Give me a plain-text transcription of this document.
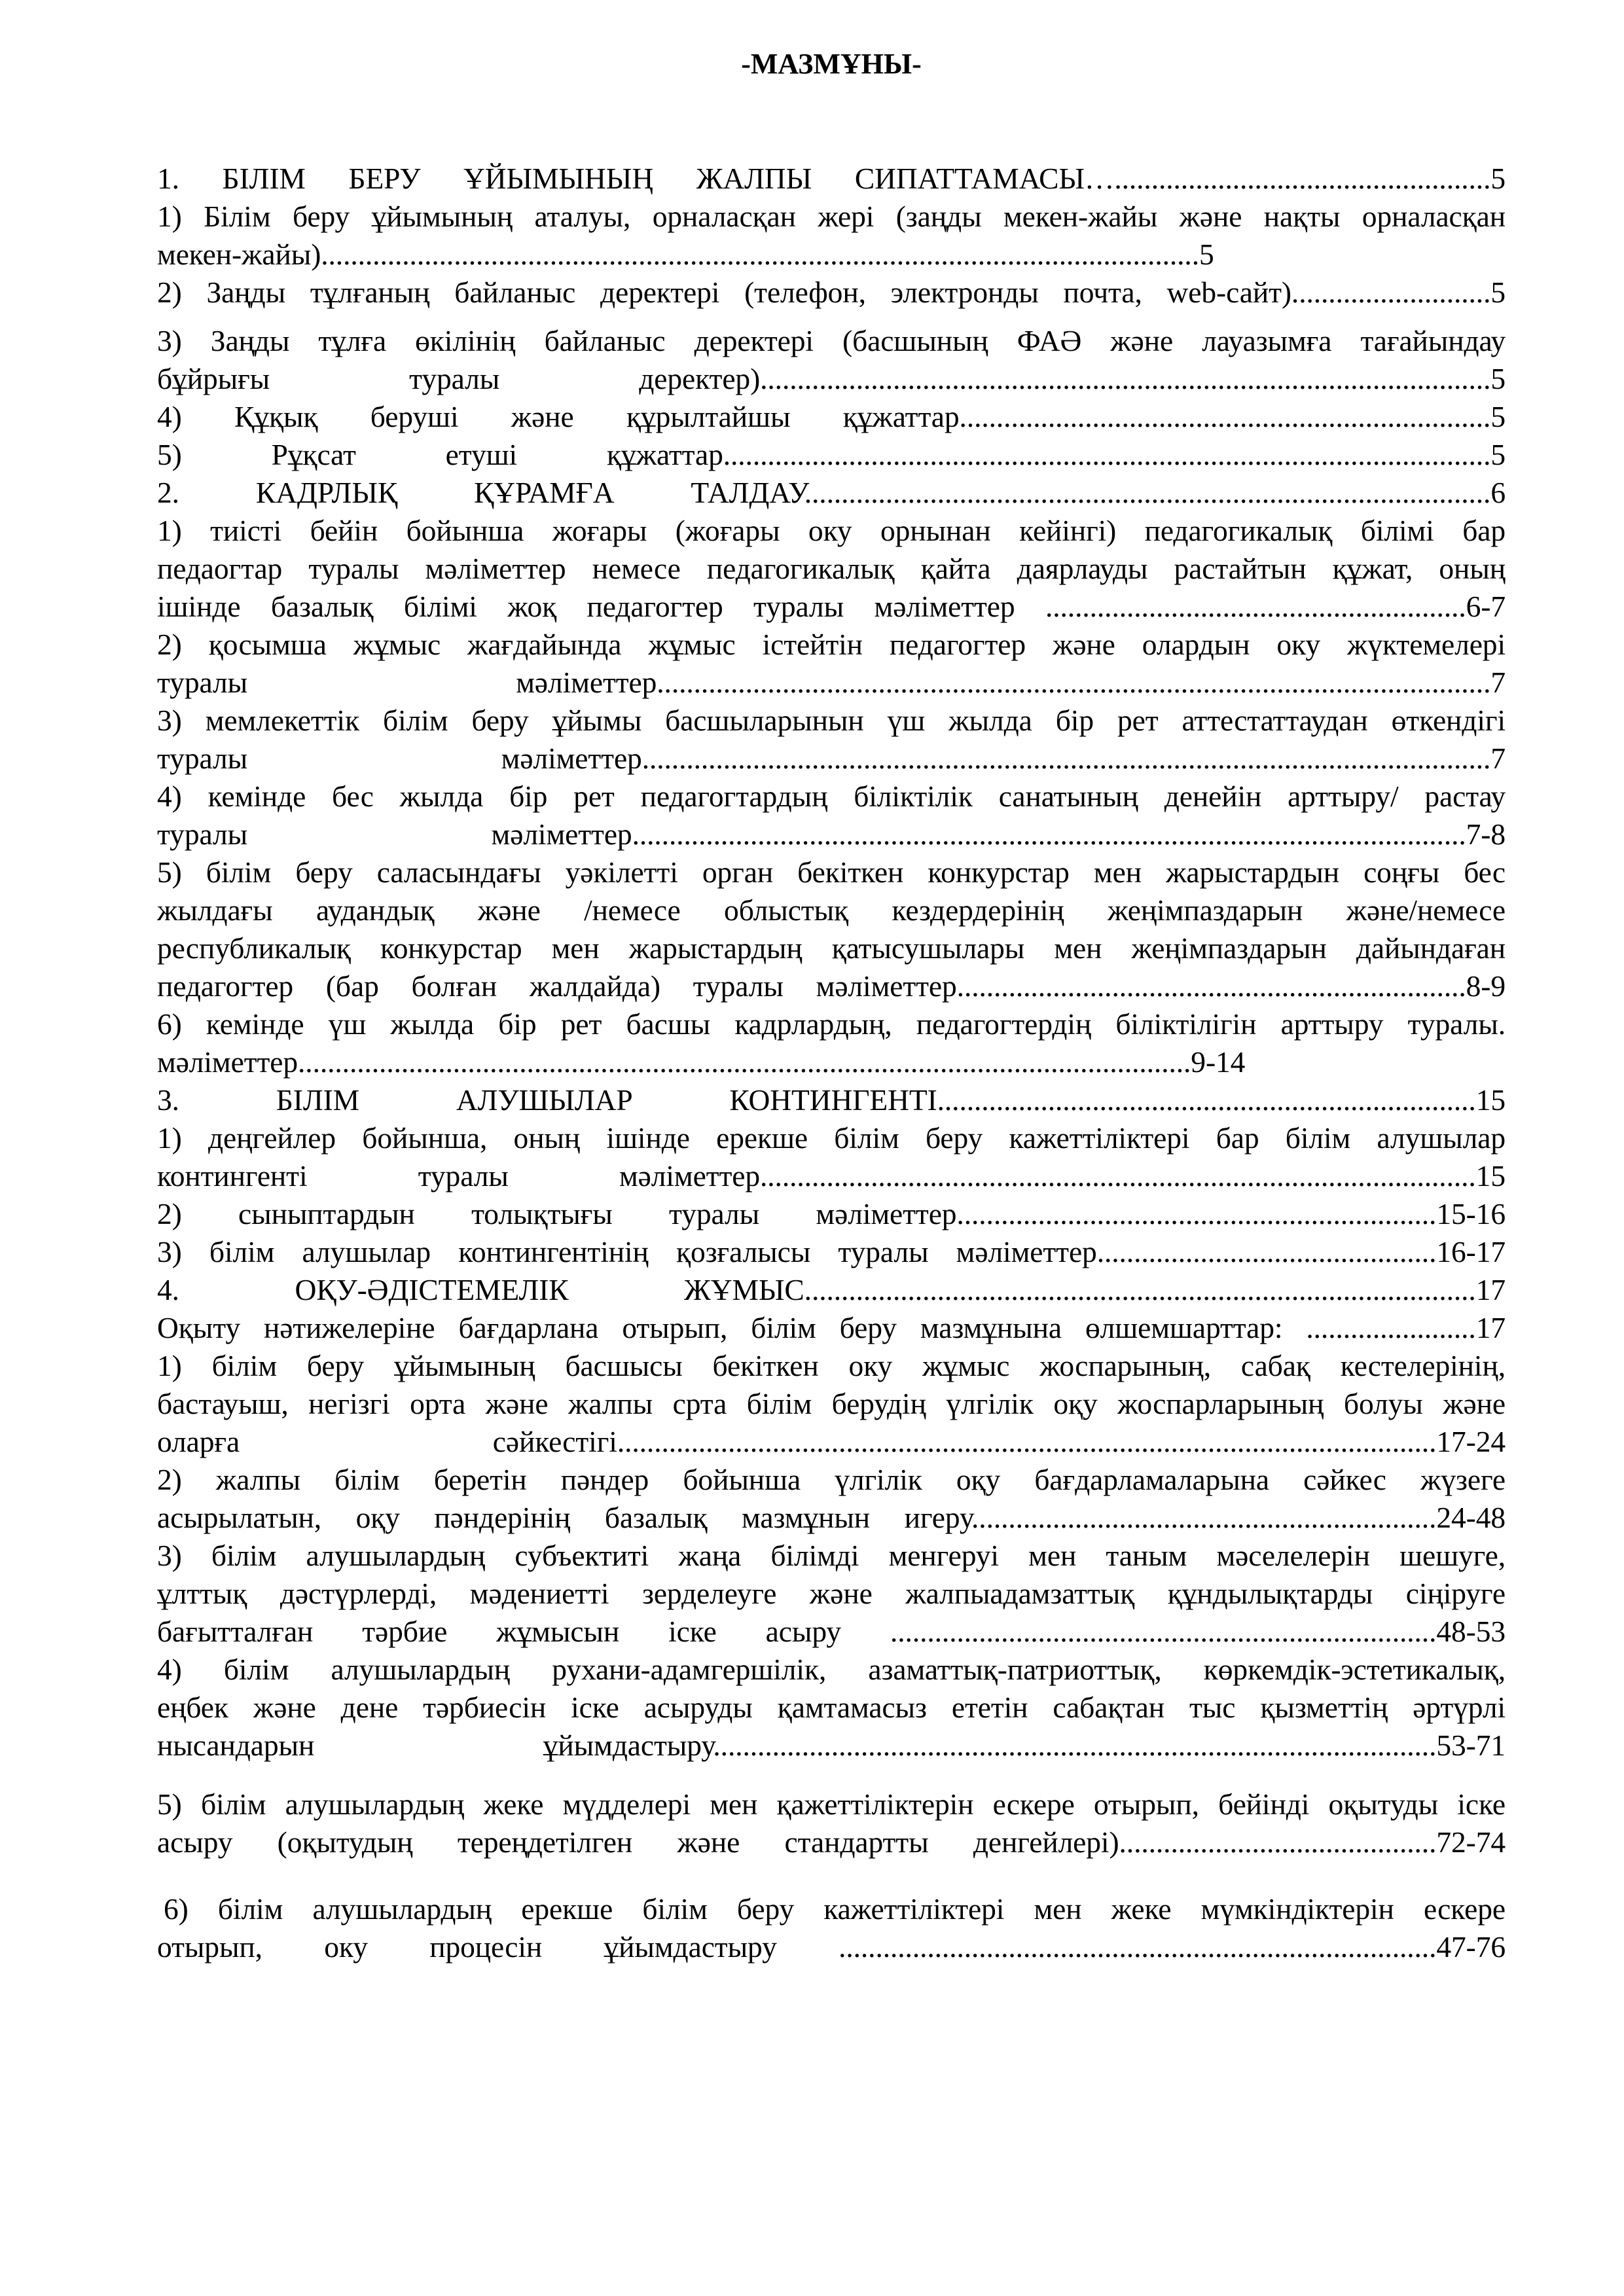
-МАЗМҰНЫ-
1. БІЛІМ БЕРУ ҰЙЫМЫНЫҢ ЖАЛПЫ СИПАТТАМАСЫ…...................................................5
1) Білім беру ұйымының аталуы, орналасқан жері (заңды мекен-жайы және нақты орналасқан
мекен-жайы).......................................................................................................................5
2) Заңды тұлғаның байланыс деректері (телефон, электронды почта, web-сайт)...........................5
3) Заңды тұлға өкілінің байланыс деректері (басшының ФАӘ және лауазымға тағайындау
бұйрығы туралы деректер)...................................................................................................5
4) Құқық беруші және құрылтайшы құжаттар........................................................................5
5) Рұқсат етуші құжаттар........................................................................................................5
2. КАДРЛЫҚ ҚҰРАМҒА ТАЛДАУ.............................................................................................6
1) тиісті бейін бойынша жоғары (жоғары оку орнынан кейінгі) педагогикалық білімі бар
педаогтар туралы мәліметтер немесе педагогикалық қайта даярлауды растайтын құжат, оның
ішінде базалық білімі жоқ педагогтер туралы мәліметтер .........................................................6-7
2) қосымша жұмыс жағдайында жұмыс істейтін педагогтер және олардын оку жүктемелері
туралы мәліметтер.................................................................................................................7
3) мемлекеттік білім беру ұйымы басшыларынын үш жылда бір рет аттестаттаудан өткендігі
туралы мәліметтер...................................................................................................................7
4) кемінде бес жылда бір рет педагогтардың біліктілік санатының денейін арттыру/ растау
туралы мәліметтер.................................................................................................................7-8
5) білім беру саласындағы уәкілетті орган бекіткен конкурстар мен жарыстардын соңғы бес
жылдағы аудандық және /немесе облыстық кездердерінің жеңімпаздарын және/немесе
республикалық конкурстар мен жарыстардың қатысушылары мен жеңімпаздарын дайындаған
педагогтер (бар болған жалдайда) туралы мәліметтер.....................................................................8-9
6) кемінде үш жылда бір рет басшы кадрлардың, педагогтердің біліктілігін арттыру туралы.
мәліметтер.........................................................................................................................9-14
3. БІЛІМ АЛУШЫЛАР КОНТИНГЕНТІ.........................................................................15
1) деңгейлер бойынша, оның ішінде ерекше білім беру кажеттіліктері бар білім алушылар
контингенті туралы мәліметтер.................................................................................................15
2) сыныптардын толықтығы туралы мәліметтер.................................................................15-16
3) білім алушылар контингентінің қозғалысы туралы мәліметтер..............................................16-17
4. ОҚУ-ӘДІСТЕМЕЛІК ЖҰМЫС...........................................................................................17
Оқыту нәтижелеріне бағдарлана отырып, білім беру мазмұнына өлшемшарттар: .......................17
1) білім беру ұйымының басшысы бекіткен оку жұмыс жоспарының, сабақ кестелерінің,
бастауыш, негізгі орта және жалпы срта білім берудің үлгілік оқу жоспарларының болуы және
оларға сәйкестігі...............................................................................................................17-24
2) жалпы білім беретін пәндер бойынша үлгілік оқу бағдарламаларына сәйкес жүзеге
асырылатын, оқу пәндерінің базалық мазмұнын игеру...............................................................24-48
3) білім алушылардың субъектиті жаңа білімді менгеруі мен таным мәселелерін шешуге,
ұлттық дәстүрлерді, мәдениетті зерделеуге және жалпыадамзаттық құндылықтарды сіңіруге
бағытталған тәрбие жұмысын іске асыру ..........................................................................48-53
4) білім алушылардың рухани-адамгершілік, азаматтық-патриоттық, көркемдік-эстетикалық,
еңбек және дене тәрбиесін іске асыруды қамтамасыз ететін сабақтан тыс қызметтің әртүрлі
нысандарын ұйымдастыру..................................................................................................53-71
5) білім алушылардың жеке мүдделері мен қажеттіліктерін ескере отырып, бейінді оқытуды іске
асыру (оқытудың тереңдетілген және стандартты денгейлері)...........................................72-74
6) білім алушылардың ерекше білім беру кажеттіліктері мен жеке мүмкіндіктерін ескере
отырып, оку процесін ұйымдастыру .................................................................................47-76
